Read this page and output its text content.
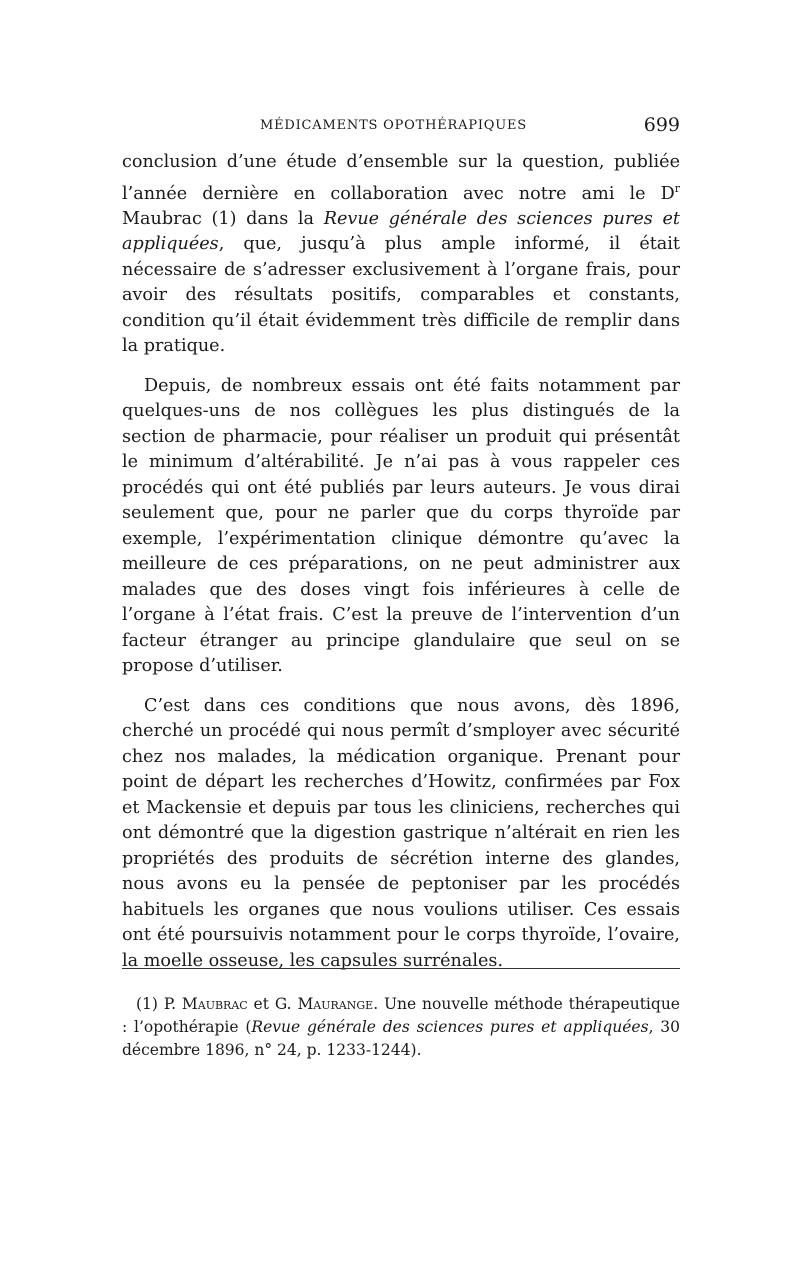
MÉDICAMENTS OPOTHÉRAPIQUES	699

conclusion d’une étude d’ensemble sur la question, publiée l’année dernière en collaboration avec notre ami le $D^r$ Maubrac (1) dans la Revue générale des sciences pures et appliquées, que, jusqu’à plus ample informé, il était nécessaire de s’adresser exclusivement à l’organe frais, pour avoir des résultats positifs, comparables et constants, condition qu’il était évidemment très difficile de remplir dans la pratique.

Depuis, de nombreux essais ont été faits notamment par quelques-uns de nos collègues les plus distingués de la section de pharmacie, pour réaliser un produit qui présentât le minimum d’altérabilité. Je n’ai pas à vous rappeler ces procédés qui ont été publiés par leurs auteurs. Je vous dirai seulement que, pour ne parler que du corps thyroïde par exemple, l’expérimentation clinique démontre qu’avec la meilleure de ces préparations, on ne peut administrer aux malades que des doses vingt fois inférieures à celle de l’organe à l’état frais. C’est la preuve de l’intervention d’un facteur étranger au principe glandulaire que seul on se propose d’utiliser.

C’est dans ces conditions que nous avons, dès 1896, cherché un procédé qui nous permît d’smployer avec sécurité chez nos malades, la médication organique. Prenant pour point de départ les recherches d’Howitz, confirmées par Fox et Mackensie et depuis par tous les cliniciens, recherches qui ont démontré que la digestion gastrique n’altérait en rien les propriétés des produits de sécrétion interne des glandes, nous avons eu la pensée de peptoniser par les procédés habituels les organes que nous voulions utiliser. Ces essais ont été poursuivis notamment pour le corps thyroïde, l’ovaire, la moelle osseuse, les capsules surrénales.

(1) P. Maubrac et G. Maurange. Une nouvelle méthode thérapeutique : l’opothérapie (Revue générale des sciences pures et appliquées, 30 décembre 1896, n° 24, p. 1233-1244).
